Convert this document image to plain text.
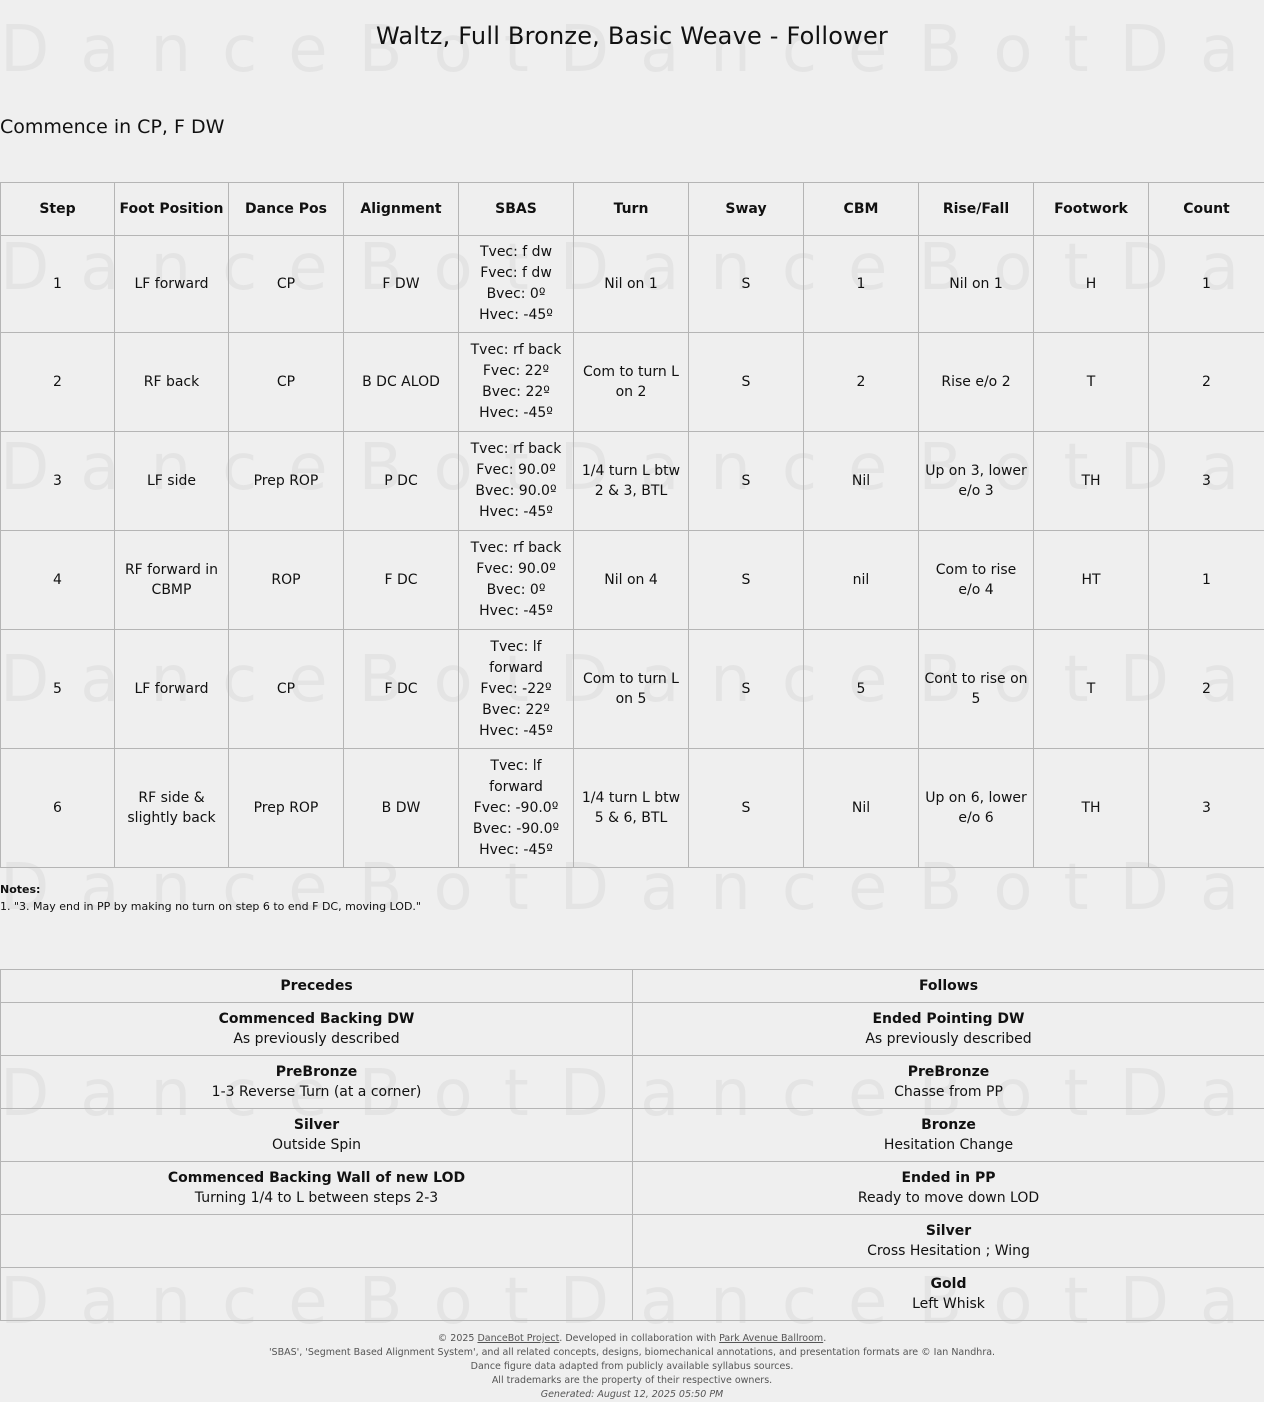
Waltz, Full Bronze, Basic Weave - Follower
Commence in CP, F DW
Step	Foot Position	Dance Pos	Alignment	SBAS	Turn	Sway	CBM	Rise/Fall	Footwork	Count
1	LF forward	CP	F DW	Tvec: f dw
Fvec: f dw
Bvec: 0º
Hvec: -45º	Nil on 1	S	1	Nil on 1	H	1
2	RF back	CP	B DC ALOD	Tvec: rf back
Fvec: 22º
Bvec: 22º
Hvec: -45º	Com to turn L on 2	S	2	Rise e/o 2	T	2
3	LF side	Prep ROP	P DC	Tvec: rf back
Fvec: 90.0º
Bvec: 90.0º
Hvec: -45º	1/4 turn L btw 2 & 3, BTL	S	Nil	Up on 3, lower e/o 3	TH	3
4	RF forward in CBMP	ROP	F DC	Tvec: rf back
Fvec: 90.0º
Bvec: 0º
Hvec: -45º	Nil on 4	S	nil	Com to rise e/o 4	HT	1
5	LF forward	CP	F DC	Tvec: lf forward
Fvec: -22º
Bvec: 22º
Hvec: -45º	Com to turn L on 5	S	5	Cont to rise on 5	T	2
6	RF side & slightly back	Prep ROP	B DW	Tvec: lf forward
Fvec: -90.0º
Bvec: -90.0º
Hvec: -45º	1/4 turn L btw 5 & 6, BTL	S	Nil	Up on 6, lower e/o 6	TH	3
Notes:
1. "3. May end in PP by making no turn on step 6 to end F DC, moving LOD."
Precedes	Follows

Commenced Backing DW
As previously described	Ended Pointing DW
As previously described

PreBronze
1-3 Reverse Turn (at a corner)	PreBronze
Chasse from PP

Silver
Outside Spin	Bronze
Hesitation Change

Commenced Backing Wall of new LOD
Turning 1/4 to L between steps 2-3	Ended in PP
Ready to move down LOD

	Silver
Cross Hesitation ; Wing

	Gold
Left Whisk
© 2025 DanceBot Project. Developed in collaboration with Park Avenue Ballroom.
'SBAS', 'Segment Based Alignment System', and all related concepts, designs, biomechanical annotations, and presentation formats are © Ian Nandhra.
Dance figure data adapted from publicly available syllabus sources.
All trademarks are the property of their respective owners.
Generated: August 12, 2025 05:50 PM
